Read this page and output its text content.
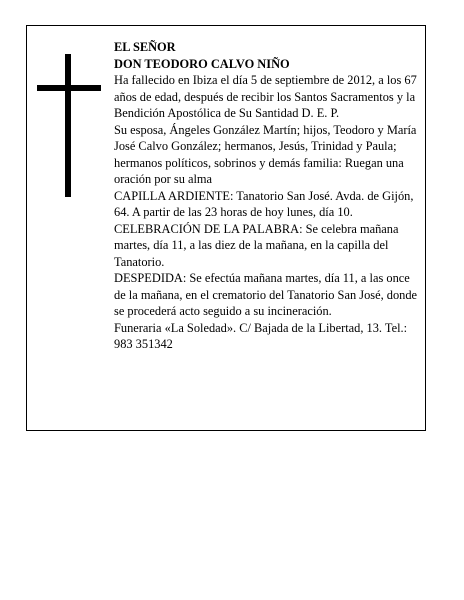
EL SEÑOR

DON TEODORO CALVO NIÑO

Ha fallecido en Ibiza el día 5 de septiembre de 2012, a los 67 años de edad, después de recibir los Santos Sacramentos y la Bendición Apostólica de Su Santidad D. E. P.

Su esposa, Ángeles González Martín; hijos, Teodoro y María José Calvo González; hermanos, Jesús, Trinidad y Paula; hermanos políticos, sobrinos y demás familia: Ruegan una oración por su alma

CAPILLA ARDIENTE: Tanatorio San José. Avda. de Gijón, 64. A partir de las 23 horas de hoy lunes, día 10.

CELEBRACIÓN DE LA PALABRA: Se celebra mañana martes, día 11, a las diez de la mañana, en la capilla del Tanatorio.

DESPEDIDA: Se efectúa mañana martes, día 11, a las once de la mañana, en el crematorio del Tanatorio San José, donde se procederá acto seguido a su incineración.

Funeraria «La Soledad». C/ Bajada de la Libertad, 13. Tel.: 983 351342
